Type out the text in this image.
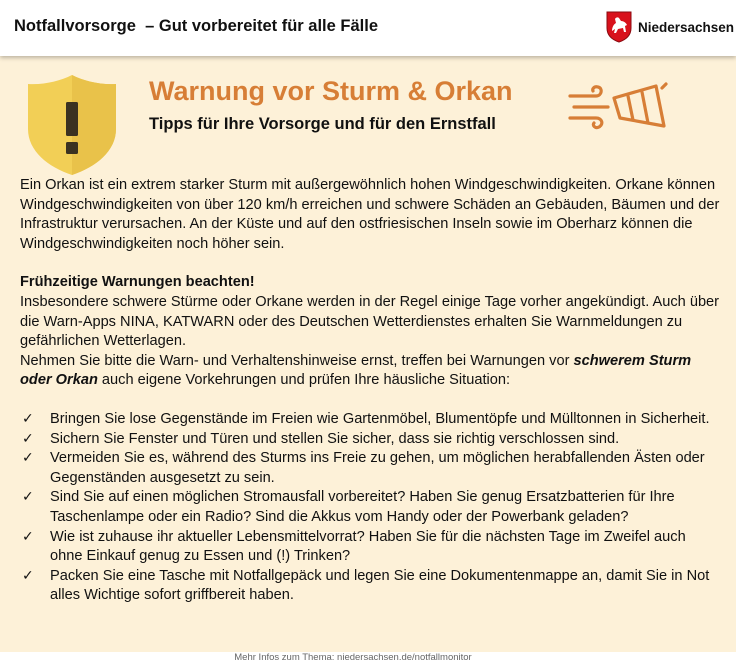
Notfallvorsorge  – Gut vorbereitet für alle Fälle	Niedersachsen
Warnung vor Sturm & Orkan
Tipps für Ihre Vorsorge und für den Ernstfall

Ein Orkan ist ein extrem starker Sturm mit außergewöhnlich hohen Windgeschwindigkeiten. Orkane können Windgeschwindigkeiten von über 120 km/h erreichen und schwere Schäden an Gebäuden, Bäumen und der Infrastruktur verursachen. An der Küste und auf den ostfriesischen Inseln sowie im Oberharz können die Windgeschwindigkeiten noch höher sein.

Frühzeitige Warnungen beachten!

Insbesondere schwere Stürme oder Orkane werden in der Regel einige Tage vorher angekündigt. Auch über die Warn-Apps NINA, KATWARN oder des Deutschen Wetterdienstes erhalten Sie Warnmeldungen zu gefährlichen Wetterlagen.

Nehmen Sie bitte die Warn- und Verhaltenshinweise ernst, treffen bei Warnungen vor schwerem Sturm oder Orkan auch eigene Vorkehrungen und prüfen Ihre häusliche Situation:

✓ Bringen Sie lose Gegenstände im Freien wie Gartenmöbel, Blumentöpfe und Mülltonnen in Sicherheit.
✓ Sichern Sie Fenster und Türen und stellen Sie sicher, dass sie richtig verschlossen sind.
✓ Vermeiden Sie es, während des Sturms ins Freie zu gehen, um möglichen herabfallenden Ästen oder Gegenständen ausgesetzt zu sein.
✓ Sind Sie auf einen möglichen Stromausfall vorbereitet? Haben Sie genug Ersatzbatterien für Ihre Taschenlampe oder ein Radio? Sind die Akkus vom Handy oder der Powerbank geladen?
✓ Wie ist zuhause ihr aktueller Lebensmittelvorrat? Haben Sie für die nächsten Tage im Zweifel auch ohne Einkauf genug zu Essen und (!) Trinken?
✓ Packen Sie eine Tasche mit Notfallgepäck und legen Sie eine Dokumentenmappe an, damit Sie in Not alles Wichtige sofort griffbereit haben.
Mehr Infos zum Thema: niedersachsen.de/notfallmonitor
